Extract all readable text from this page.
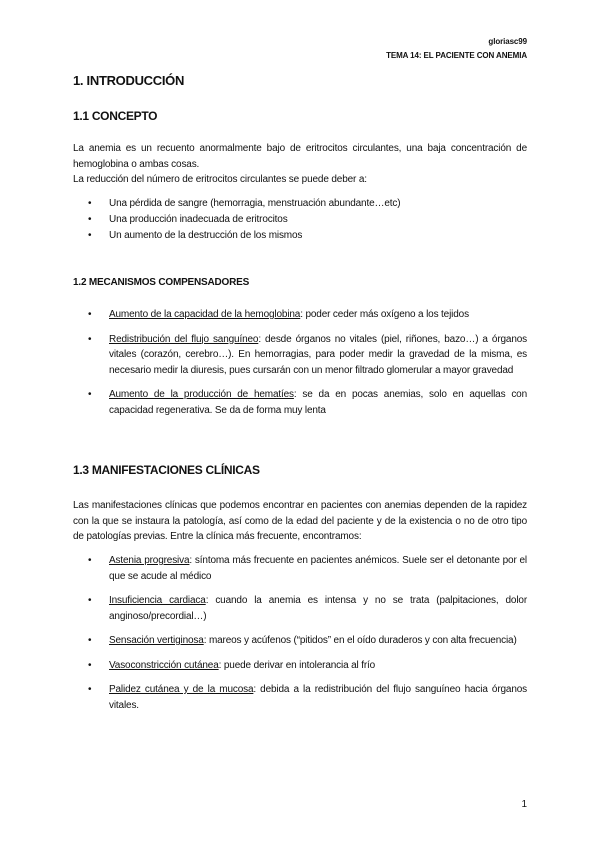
gloriasc99
TEMA 14: EL PACIENTE CON ANEMIA
1. INTRODUCCIÓN
1.1 CONCEPTO

La anemia es un recuento anormalmente bajo de eritrocitos circulantes, una baja concentración de hemoglobina o ambas cosas.

La reducción del número de eritrocitos circulantes se puede deber a:

• Una pérdida de sangre (hemorragia, menstruación abundante…etc)
• Una producción inadecuada de eritrocitos
• Un aumento de la destrucción de los mismos
1.2 MECANISMOS COMPENSADORES
• Aumento de la capacidad de la hemoglobina: poder ceder más oxígeno a los tejidos
• Redistribución del flujo sanguíneo: desde órganos no vitales (piel, riñones, bazo…) a órganos vitales (corazón, cerebro…). En hemorragias, para poder medir la gravedad de la misma, es necesario medir la diuresis, pues cursarán con un menor filtrado glomerular a mayor gravedad
• Aumento de la producción de hematíes: se da en pocas anemias, solo en aquellas con capacidad regenerativa. Se da de forma muy lenta
1.3 MANIFESTACIONES CLÍNICAS
Las manifestaciones clínicas que podemos encontrar en pacientes con anemias dependen de la rapidez con la que se instaura la patología, así como de la edad del paciente y de la existencia o no de otro tipo de patologías previas. Entre la clínica más frecuente, encontramos:
• Astenia progresiva: síntoma más frecuente en pacientes anémicos. Suele ser el detonante por el que se acude al médico
• Insuficiencia cardiaca: cuando la anemia es intensa y no se trata (palpitaciones, dolor anginoso/precordial…)
• Sensación vertiginosa: mareos y acúfenos (“pitidos” en el oído duraderos y con alta frecuencia)
• Vasoconstricción cutánea: puede derivar en intolerancia al frío
• Palidez cutánea y de la mucosa: debida a la redistribución del flujo sanguíneo hacia órganos vitales.
1
